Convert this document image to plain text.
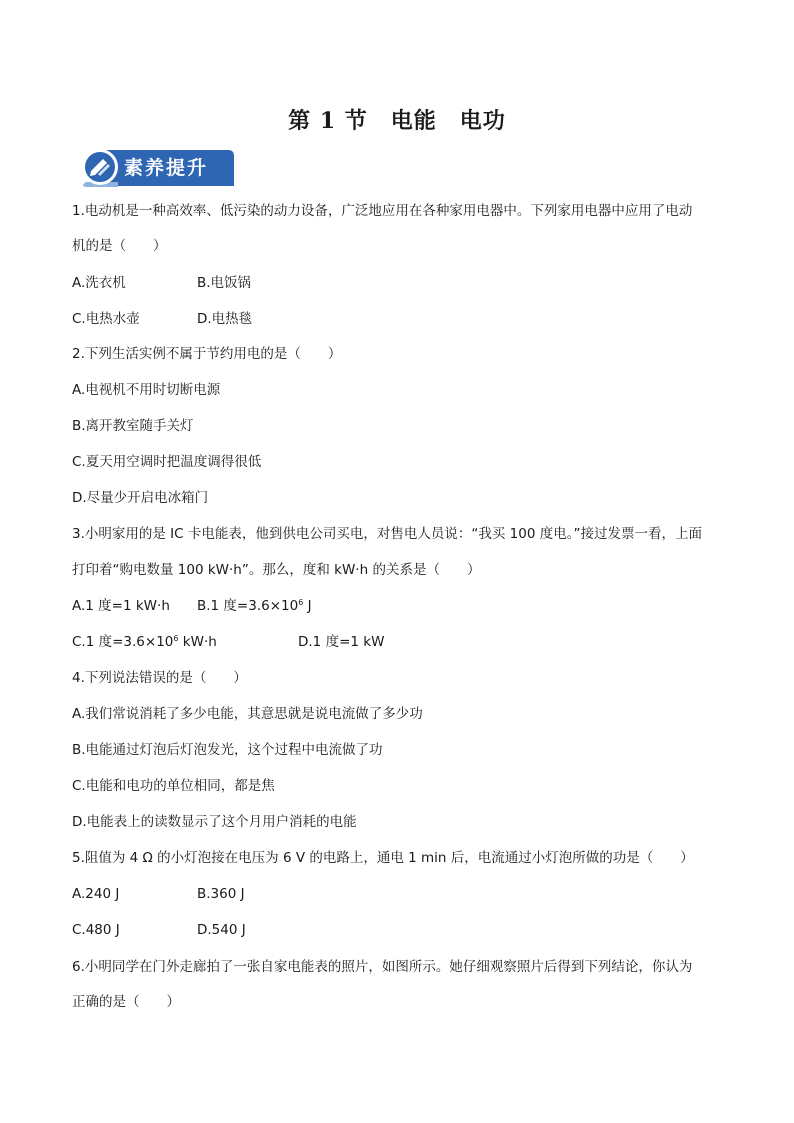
第 1 节　电能　电功
素养提升
1.电动机是一种高效率、低污染的动力设备，广泛地应用在各种家用电器中。下列家用电器中应用了电动
机的是（　　）
A.洗衣机	B.电饭锅
C.电热水壶	D.电热毯
2.下列生活实例不属于节约用电的是（　　）
A.电视机不用时切断电源
B.离开教室随手关灯
C.夏天用空调时把温度调得很低
D.尽量少开启电冰箱门
3.小明家用的是 IC 卡电能表，他到供电公司买电，对售电人员说：“我买 100 度电。”接过发票一看，上面
打印着“购电数量 100 kW·h”。那么，度和 kW·h 的关系是（　　）
A.1 度=1 kW·h B.1 度$=3.6\times 10^6$ J
C.1 度$=3.6\times 10^6$ kW·h	D.1 度=1 kW
4.下列说法错误的是（　　）
A.我们常说消耗了多少电能，其意思就是说电流做了多少功
B.电能通过灯泡后灯泡发光，这个过程中电流做了功
C.电能和电功的单位相同，都是焦
D.电能表上的读数显示了这个月用户消耗的电能
5.阻值为 4 Ω 的小灯泡接在电压为 6 V 的电路上，通电 1 min 后，电流通过小灯泡所做的功是（　　）
A.240 J	B.360 J
C.480 J	D.540 J
6.小明同学在门外走廊拍了一张自家电能表的照片，如图所示。她仔细观察照片后得到下列结论，你认为
正确的是（　　）
